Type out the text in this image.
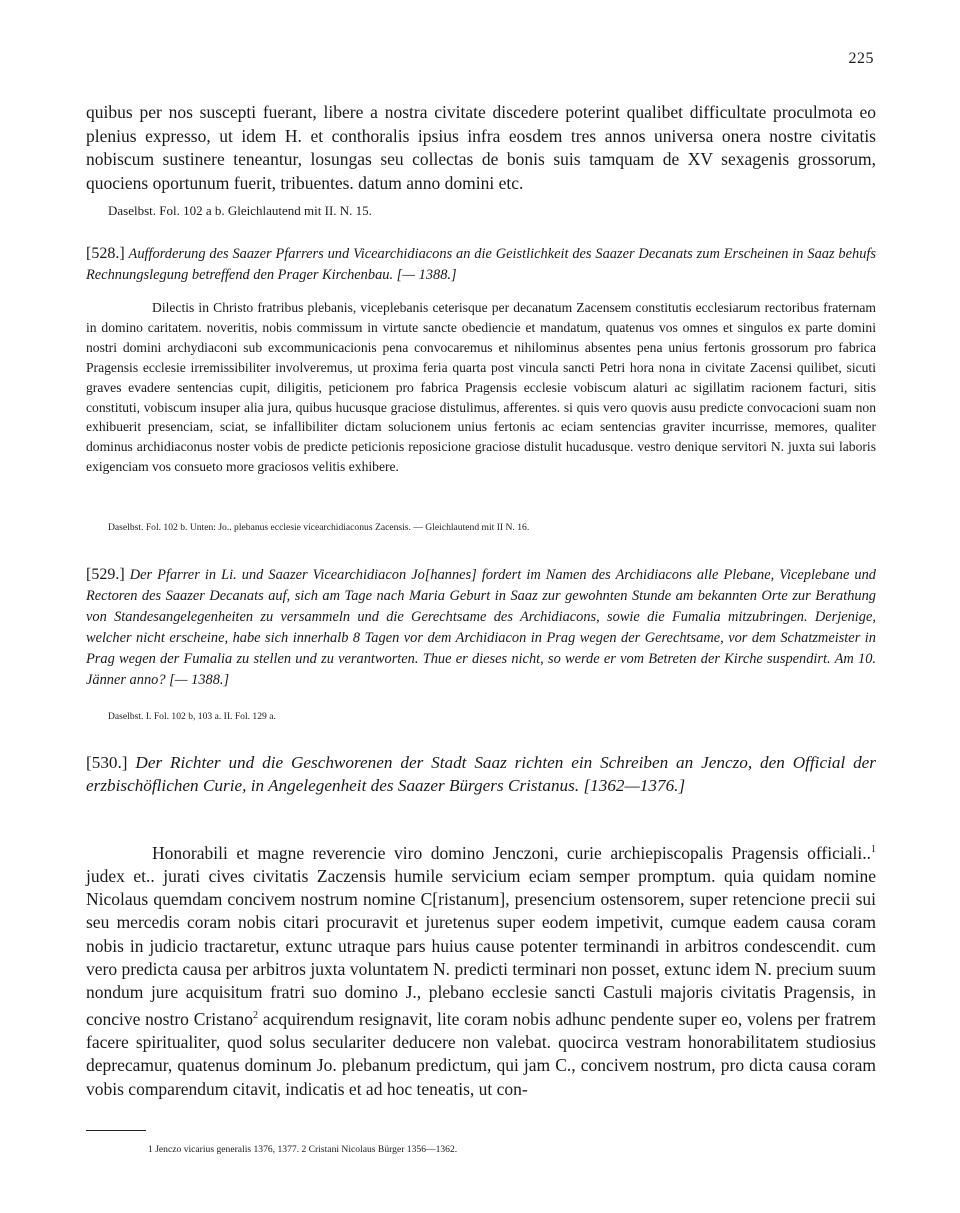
225

quibus per nos suscepti fuerant, libere a nostra civitate discedere poterint qualibet difficultate proculmota eo plenius expresso, ut idem H. et conthoralis ipsius infra eosdem tres annos universa onera nostre civitatis nobiscum sustinere teneantur, losungas seu collectas de bonis suis tamquam de XV sexagenis grossorum, quociens oportunum fuerit, tribuentes. datum anno domini etc.

Daselbst. Fol. 102 a b. Gleichlautend mit II. N. 15.

[528.] Aufforderung des Saazer Pfarrers und Vicearchidiacons an die Geistlichkeit des Saazer Decanats zum Erscheinen in Saaz behufs Rechnungslegung betreffend den Prager Kirchenbau. [— 1388.]

Dilectis in Christo fratribus plebanis, viceplebanis ceterisque per decanatum Zacensem constitutis ecclesiarum rectoribus fraternam in domino caritatem. noveritis, nobis commissum in virtute sancte obediencie et mandatum, quatenus vos omnes et singulos ex parte domini nostri domini archydiaconi sub excommunicacionis pena convocaremus et nihilominus absentes pena unius fertonis grossorum pro fabrica Pragensis ecclesie irremissibiliter involveremus, ut proxima feria quarta post vincula sancti Petri hora nona in civitate Zacensi quilibet, sicuti graves evadere sentencias cupit, diligitis, peticionem pro fabrica Pragensis ecclesie vobiscum alaturi ac sigillatim racionem facturi, sitis constituti, vobiscum insuper alia jura, quibus hucusque graciose distulimus, afferentes. si quis vero quovis ausu predicte convocacioni suam non exhibuerit presenciam, sciat, se infallibiliter dictam solucionem unius fertonis ac eciam sentencias graviter incurrisse, memores, qualiter dominus archidiaconus noster vobis de predicte peticionis reposicione graciose distulit hucadusque. vestro denique servitori N. juxta sui laboris exigenciam vos consueto more graciosos velitis exhibere.

Daselbst. Fol. 102 b. Unten: Jo.. plebanus ecclesie vicearchidiaconus Zacensis. — Gleichlautend mit II N. 16.

[529.] Der Pfarrer in Li. und Saazer Vicearchidiacon Jo[hannes] fordert im Namen des Archidiacons alle Plebane, Viceplebane und Rectoren des Saazer Decanats auf, sich am Tage nach Maria Geburt in Saaz zur gewohnten Stunde am bekannten Orte zur Berathung von Standesangelegenheiten zu versammeln und die Gerechtsame des Archidiacons, sowie die Fumalia mitzubringen. Derjenige, welcher nicht erscheine, habe sich innerhalb 8 Tagen vor dem Archidiacon in Prag wegen der Gerechtsame, vor dem Schatzmeister in Prag wegen der Fumalia zu stellen und zu verantworten. Thue er dieses nicht, so werde er vom Betreten der Kirche suspendirt. Am 10. Jänner anno? [— 1388.]

Daselbst. I. Fol. 102 b, 103 a. II. Fol. 129 a.

[530.] Der Richter und die Geschworenen der Stadt Saaz richten ein Schreiben an Jenczo, den Official der erzbischöflichen Curie, in Angelegenheit des Saazer Bürgers Cristanus. [1362—1376.]

Honorabili et magne reverencie viro domino Jenczoni, curie archiepiscopalis Pragensis officiali..$^1$ judex et.. jurati cives civitatis Zaczensis humile servicium eciam semper promptum. quia quidam nomine Nicolaus quemdam concivem nostrum nomine C[ristanum], presencium ostensorem, super retencione precii sui seu mercedis coram nobis citari procuravit et juretenus super eodem impetivit, cumque eadem causa coram nobis in judicio tractaretur, extunc utraque pars huius cause potenter terminandi in arbitros condescendit. cum vero predicta causa per arbitros juxta voluntatem N. predicti terminari non posset, extunc idem N. precium suum nondum jure acquisitum fratri suo domino J., plebano ecclesie sancti Castuli majoris civitatis Pragensis, in concive nostro Cristano$^2$ acquirendum resignavit, lite coram nobis adhunc pendente super eo, volens per fratrem facere spiritualiter, quod solus seculariter deducere non valebat. quocirca vestram honorabilitatem studiosius deprecamur, quatenus dominum Jo. plebanum predictum, qui jam C., concivem nostrum, pro dicta causa coram vobis comparendum citavit, indicatis et ad hoc teneatis, ut con-

1 Jenczo vicarius generalis 1376, 1377. 2 Cristani Nicolaus Bürger 1356—1362.
